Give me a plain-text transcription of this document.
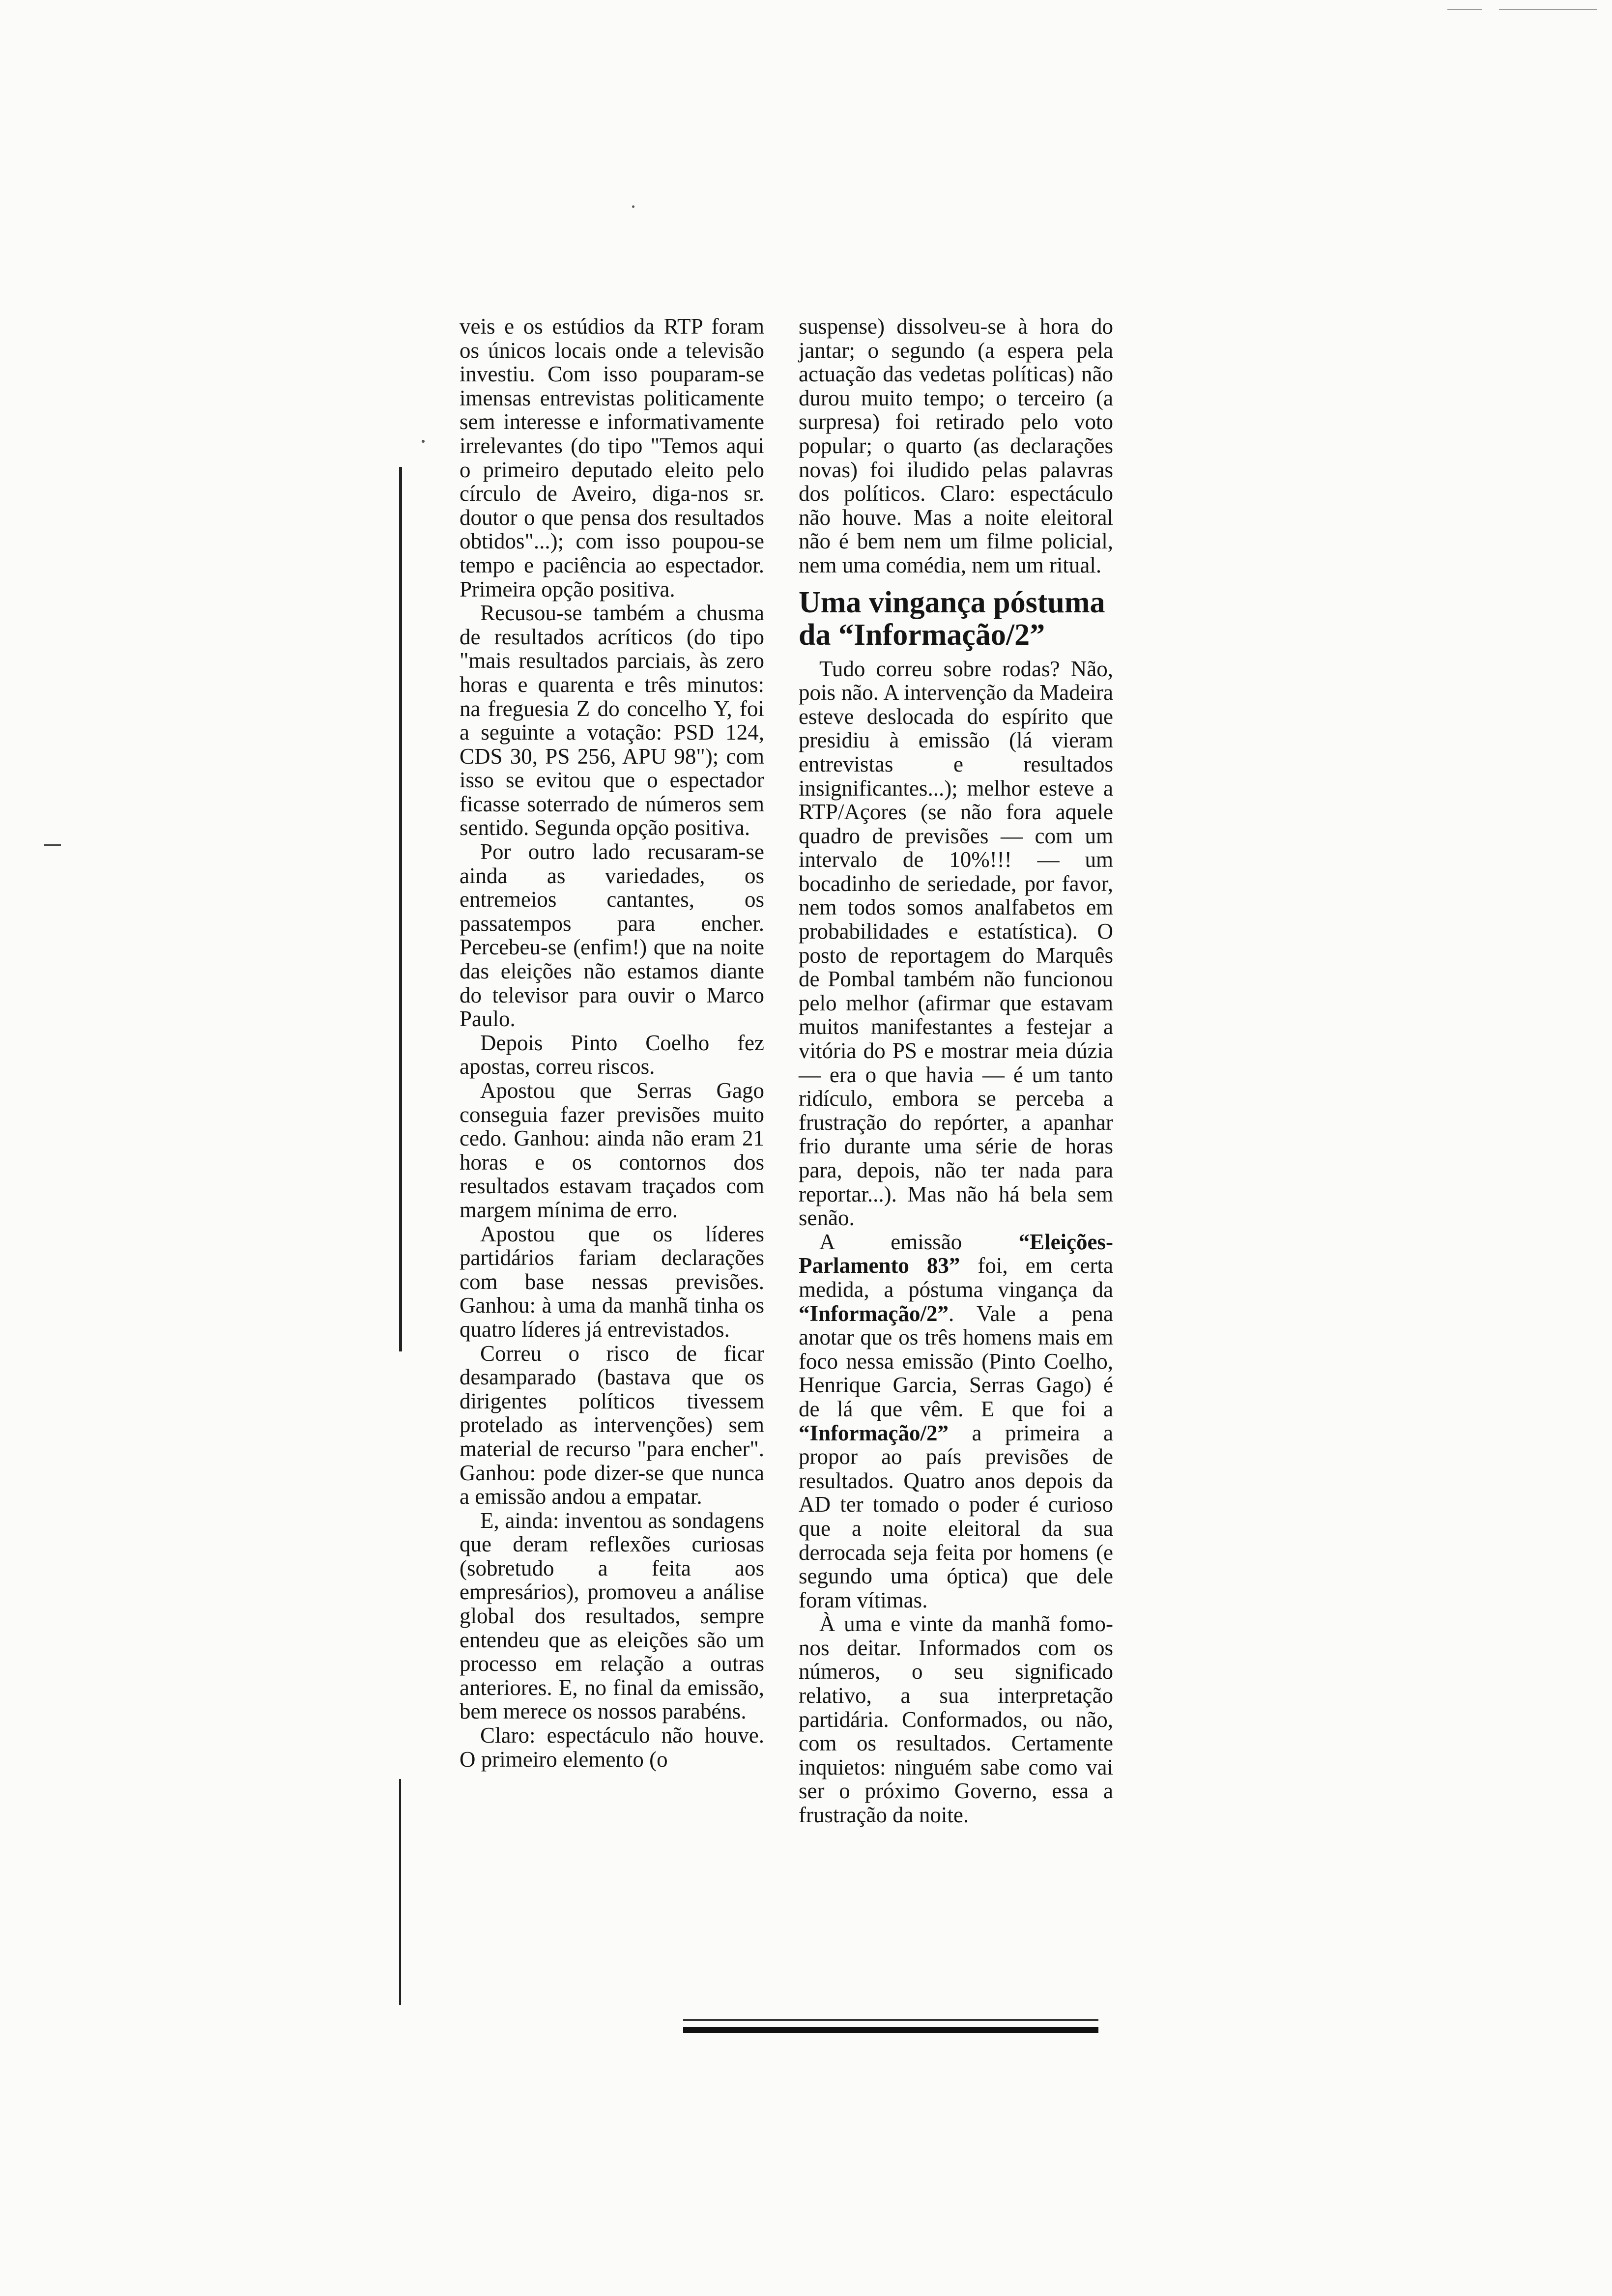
veis e os estúdios da RTP foram os únicos locais onde a televisão investiu. Com isso pouparam-se imensas entrevistas politicamente sem interesse e informativamente irrelevantes (do tipo "Temos aqui o primeiro deputado eleito pelo círculo de Aveiro, diga-nos sr. doutor o que pensa dos resultados obtidos"...); com isso poupou-se tempo e paciência ao espectador. Primeira opção positiva.

Recusou-se também a chusma de resultados acríticos (do tipo "mais resultados parciais, às zero horas e quarenta e três minutos: na freguesia Z do concelho Y, foi a seguinte a votação: PSD 124, CDS 30, PS 256, APU 98"); com isso se evitou que o espectador ficasse soterrado de números sem sentido. Segunda opção positiva.

Por outro lado recusaram-se ainda as variedades, os entremeios cantantes, os passatempos para encher. Percebeu-se (enfim!) que na noite das eleições não estamos diante do televisor para ouvir o Marco Paulo.

Depois Pinto Coelho fez apostas, correu riscos.

Apostou que Serras Gago conseguia fazer previsões muito cedo. Ganhou: ainda não eram 21 horas e os contornos dos resultados estavam traçados com margem mínima de erro.

Apostou que os líderes partidários fariam declarações com base nessas previsões. Ganhou: à uma da manhã tinha os quatro líderes já entrevistados.

Correu o risco de ficar desamparado (bastava que os dirigentes políticos tivessem protelado as intervenções) sem material de recurso "para encher". Ganhou: pode dizer-se que nunca a emissão andou a empatar.

E, ainda: inventou as sondagens que deram reflexões curiosas (sobretudo a feita aos empresários), promoveu a análise global dos resultados, sempre entendeu que as eleições são um processo em relação a outras anteriores. E, no final da emissão, bem merece os nossos parabéns.

Claro: espectáculo não houve. O primeiro elemento (o

suspense) dissolveu-se à hora do jantar; o segundo (a espera pela actuação das vedetas políticas) não durou muito tempo; o terceiro (a surpresa) foi retirado pelo voto popular; o quarto (as declarações novas) foi iludido pelas palavras dos políticos. Claro: espectáculo não houve. Mas a noite eleitoral não é bem nem um filme policial, nem uma comédia, nem um ritual.

Uma vingança póstuma da “Informação/2”

Tudo correu sobre rodas? Não, pois não. A intervenção da Madeira esteve deslocada do espírito que presidiu à emissão (lá vieram entrevistas e resultados insignificantes...); melhor esteve a RTP/Açores (se não fora aquele quadro de previsões — com um intervalo de 10%!!! — um bocadinho de seriedade, por favor, nem todos somos analfabetos em probabilidades e estatística). O posto de reportagem do Marquês de Pombal também não funcionou pelo melhor (afirmar que estavam muitos manifestantes a festejar a vitória do PS e mostrar meia dúzia — era o que havia — é um tanto ridículo, embora se perceba a frustração do repórter, a apanhar frio durante uma série de horas para, depois, não ter nada para reportar...). Mas não há bela sem senão.

A emissão “Eleições-Parlamento 83” foi, em certa medida, a póstuma vingança da “Informação/2”. Vale a pena anotar que os três homens mais em foco nessa emissão (Pinto Coelho, Henrique Garcia, Serras Gago) é de lá que vêm. E que foi a “Informação/2” a primeira a propor ao país previsões de resultados. Quatro anos depois da AD ter tomado o poder é curioso que a noite eleitoral da sua derrocada seja feita por homens (e segundo uma óptica) que dele foram vítimas.

À uma e vinte da manhã fomo-nos deitar. Informados com os números, o seu significado relativo, a sua interpretação partidária. Conformados, ou não, com os resultados. Certamente inquietos: ninguém sabe como vai ser o próximo Governo, essa a frustração da noite.
